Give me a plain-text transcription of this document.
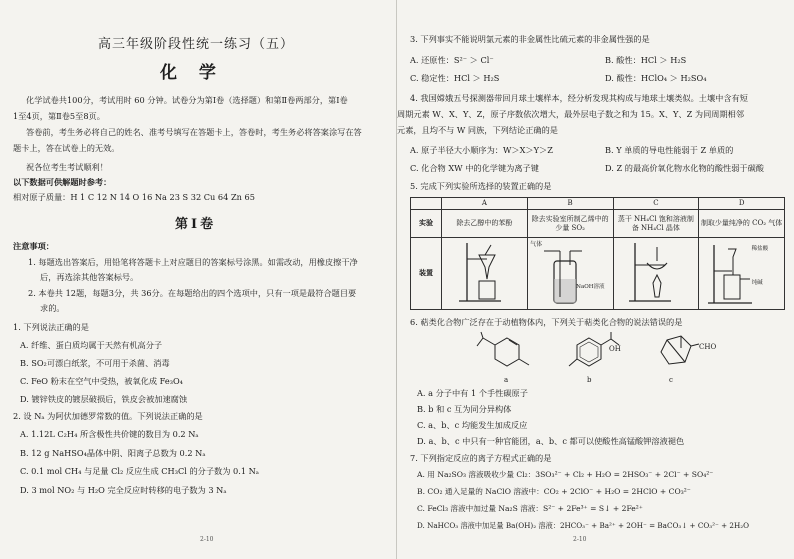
高三年级阶段性统一练习（五）
化 学
化学试卷共100分，考试用时 60 分钟。试卷分为第Ⅰ卷（选择题）和第Ⅱ卷两部分，第Ⅰ卷
1至4页，第Ⅱ卷5至8页。
答卷前，考生务必将自己的姓名、准考号填写在答题卡上，答卷时，考生务必将答案涂写在答
题卡上，答在试卷上的无效。
祝各位考生考试顺利！
以下数据可供解题时参考：
相对原子质量：H 1 C 12 N 14 O 16 Na 23 S 32 Cu 64 Zn 65
第Ⅰ卷
注意事项：
1. 每题选出答案后，用铅笔将答题卡上对应题目的答案标号涂黑。如需改动，用橡皮擦干净
后，再选涂其他答案标号。
2. 本卷共 12题，每题3分，共 36分。在每题给出的四个选项中，只有一项是最符合题目要
求的。
1. 下列说法正确的是
A. 纤维、蛋白质均属于天然有机高分子
B. SO₂可漂白纸浆，不可用于杀菌、消毒
C. FeO 粉末在空气中受热，被氧化成 Fe₃O₄
D. 镀锌铁皮的镀层破损后，铁皮会被加速腐蚀
2. 设 Nₐ 为阿伏加德罗常数的值。下列说法正确的是
A. 1.12L C₂H₄ 所含极性共价键的数目为 0.2 Nₐ
B. 12 g NaHSO₄晶体中阴、阳离子总数为 0.2 Nₐ
C. 0.1 mol CH₄ 与足量 Cl₂ 反应生成 CH₃Cl 的分子数为 0.1 Nₐ
D. 3 mol NO₂ 与 H₂O 完全反应时转移的电子数为 3 Nₐ
2-10
3. 下列事实不能说明氯元素的非金属性比硫元素的非金属性强的是
A. 还原性：S²⁻ ＞ Cl⁻	B. 酸性：HCl ＞ H₂S
C. 稳定性：HCl ＞ H₂S	D. 酸性：HClO₄ ＞ H₂SO₄
4. 我国嫦娥五号探测器带回月球土壤样本，经分析发现其构成与地球土壤类似。土壤中含有短
周期元素 W、X、Y、Z，原子序数依次增大，最外层电子数之和为 15。X、Y、Z 为同周期相邻
元素，且均不与 W 同族，下列结论正确的是
A. 原子半径大小顺序为：W＞X＞Y＞Z	B. Y 单质的导电性能弱于 Z 单质的
C. 化合物 XW 中的化学键为离子键	D. Z 的最高价氧化物水化物的酸性弱于碳酸
5. 完成下列实验所选择的装置正确的是
	A	B	C	D
实验	除去乙醇中的苯酚	除去实验室所制乙烯中的少量 SO₂	蒸干 NH₄Cl 饱和溶液制备 NH₄Cl 晶体	制取少量纯净的 CO₂ 气体
装置		气体
NaOH溶液		稀盐酸
纯碱
6. 萜类化合物广泛存在于动植物体内，下列关于萜类化合物的说法错误的是
OH	CHO
a	b	c
A. a 分子中有 1 个手性碳原子
B. b 和 c 互为同分异构体
C. a、b、c 均能发生加成反应
D. a、b、c 中只有一种官能团，a、b、c 都可以使酸性高锰酸钾溶液褪色
7. 下列指定反应的离子方程式正确的是
A. 用 Na₂SO₃ 溶液吸收少量 Cl₂：3SO₃²⁻ + Cl₂ + H₂O = 2HSO₃⁻ + 2Cl⁻ + SO₄²⁻
B. CO₂ 通入足量的 NaClO 溶液中：CO₂ + 2ClO⁻ + H₂O = 2HClO + CO₃²⁻
C. FeCl₃ 溶液中加过量 Na₂S 溶液：S²⁻ + 2Fe³⁺ = S↓ + 2Fe²⁺
D. NaHCO₃ 溶液中加足量 Ba(OH)₂ 溶液：2HCO₃⁻ + Ba²⁺ + 2OH⁻ = BaCO₃↓ + CO₃²⁻ + 2H₂O
2-10
